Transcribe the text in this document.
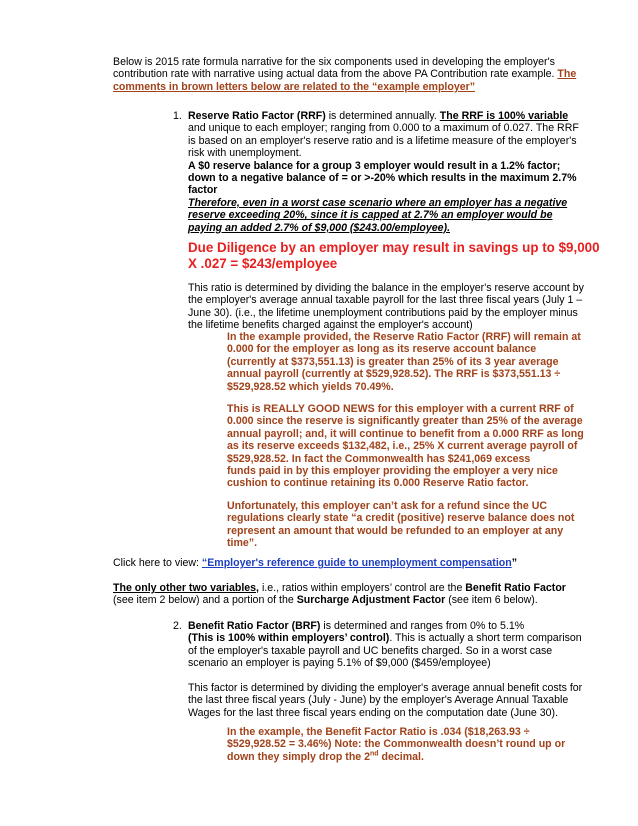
Below is 2015 rate formula narrative for the six components used in developing the employer's
contribution rate with narrative using actual data from the above PA Contribution rate example. The
comments in brown letters below are related to the “example employer”
1. Reserve Ratio Factor (RRF) is determined annually. The RRF is 100% variable
and unique to each employer; ranging from 0.000 to a maximum of 0.027. The RRF
is based on an employer's reserve ratio and is a lifetime measure of the employer's
risk with unemployment.
A $0 reserve balance for a group 3 employer would result in a 1.2% factor;
down to a negative balance of = or >-20% which results in the maximum 2.7%
factor
Therefore, even in a worst case scenario where an employer has a negative
reserve exceeding 20%, since it is capped at 2.7% an employer would be
paying an added 2.7% of $9,000 ($243.00/employee).
Due Diligence by an employer may result in savings up to $9,000
X .027 = $243/employee
This ratio is determined by dividing the balance in the employer's reserve account by
the employer's average annual taxable payroll for the last three fiscal years (July 1 –
June 30). (i.e., the lifetime unemployment contributions paid by the employer minus
the lifetime benefits charged against the employer's account)
In the example provided, the Reserve Ratio Factor (RRF) will remain at
0.000 for the employer as long as its reserve account balance
(currently at $373,551.13) is greater than 25% of its 3 year average
annual payroll (currently at $529,928.52). The RRF is $373,551.13 ÷
$529,928.52 which yields 70.49%.
This is REALLY GOOD NEWS for this employer with a current RRF of
0.000 since the reserve is significantly greater than 25% of the average
annual payroll; and, it will continue to benefit from a 0.000 RRF as long
as its reserve exceeds $132,482, i.e., 25% X current average payroll of
$529,928.52. In fact the Commonwealth has $241,069 excess
funds paid in by this employer providing the employer a very nice
cushion to continue retaining its 0.000 Reserve Ratio factor.
Unfortunately, this employer can’t ask for a refund since the UC
regulations clearly state “a credit (positive) reserve balance does not
represent an amount that would be refunded to an employer at any
time”.
Click here to view: “Employer's reference guide to unemployment compensation”
The only other two variables, i.e., ratios within employers’ control are the Benefit Ratio Factor
(see item 2 below) and a portion of the Surcharge Adjustment Factor (see item 6 below).
2. Benefit Ratio Factor (BRF) is determined and ranges from 0% to 5.1%
(This is 100% within employers’ control). This is actually a short term comparison
of the employer's taxable payroll and UC benefits charged. So in a worst case
scenario an employer is paying 5.1% of $9,000 ($459/employee)
This factor is determined by dividing the employer's average annual benefit costs for
the last three fiscal years (July - June) by the employer's Average Annual Taxable
Wages for the last three fiscal years ending on the computation date (June 30).
In the example, the Benefit Factor Ratio is .034 ($18,263.93 ÷
$529,928.52 = 3.46%) Note: the Commonwealth doesn’t round up or
down they simply drop the 2nd decimal.
